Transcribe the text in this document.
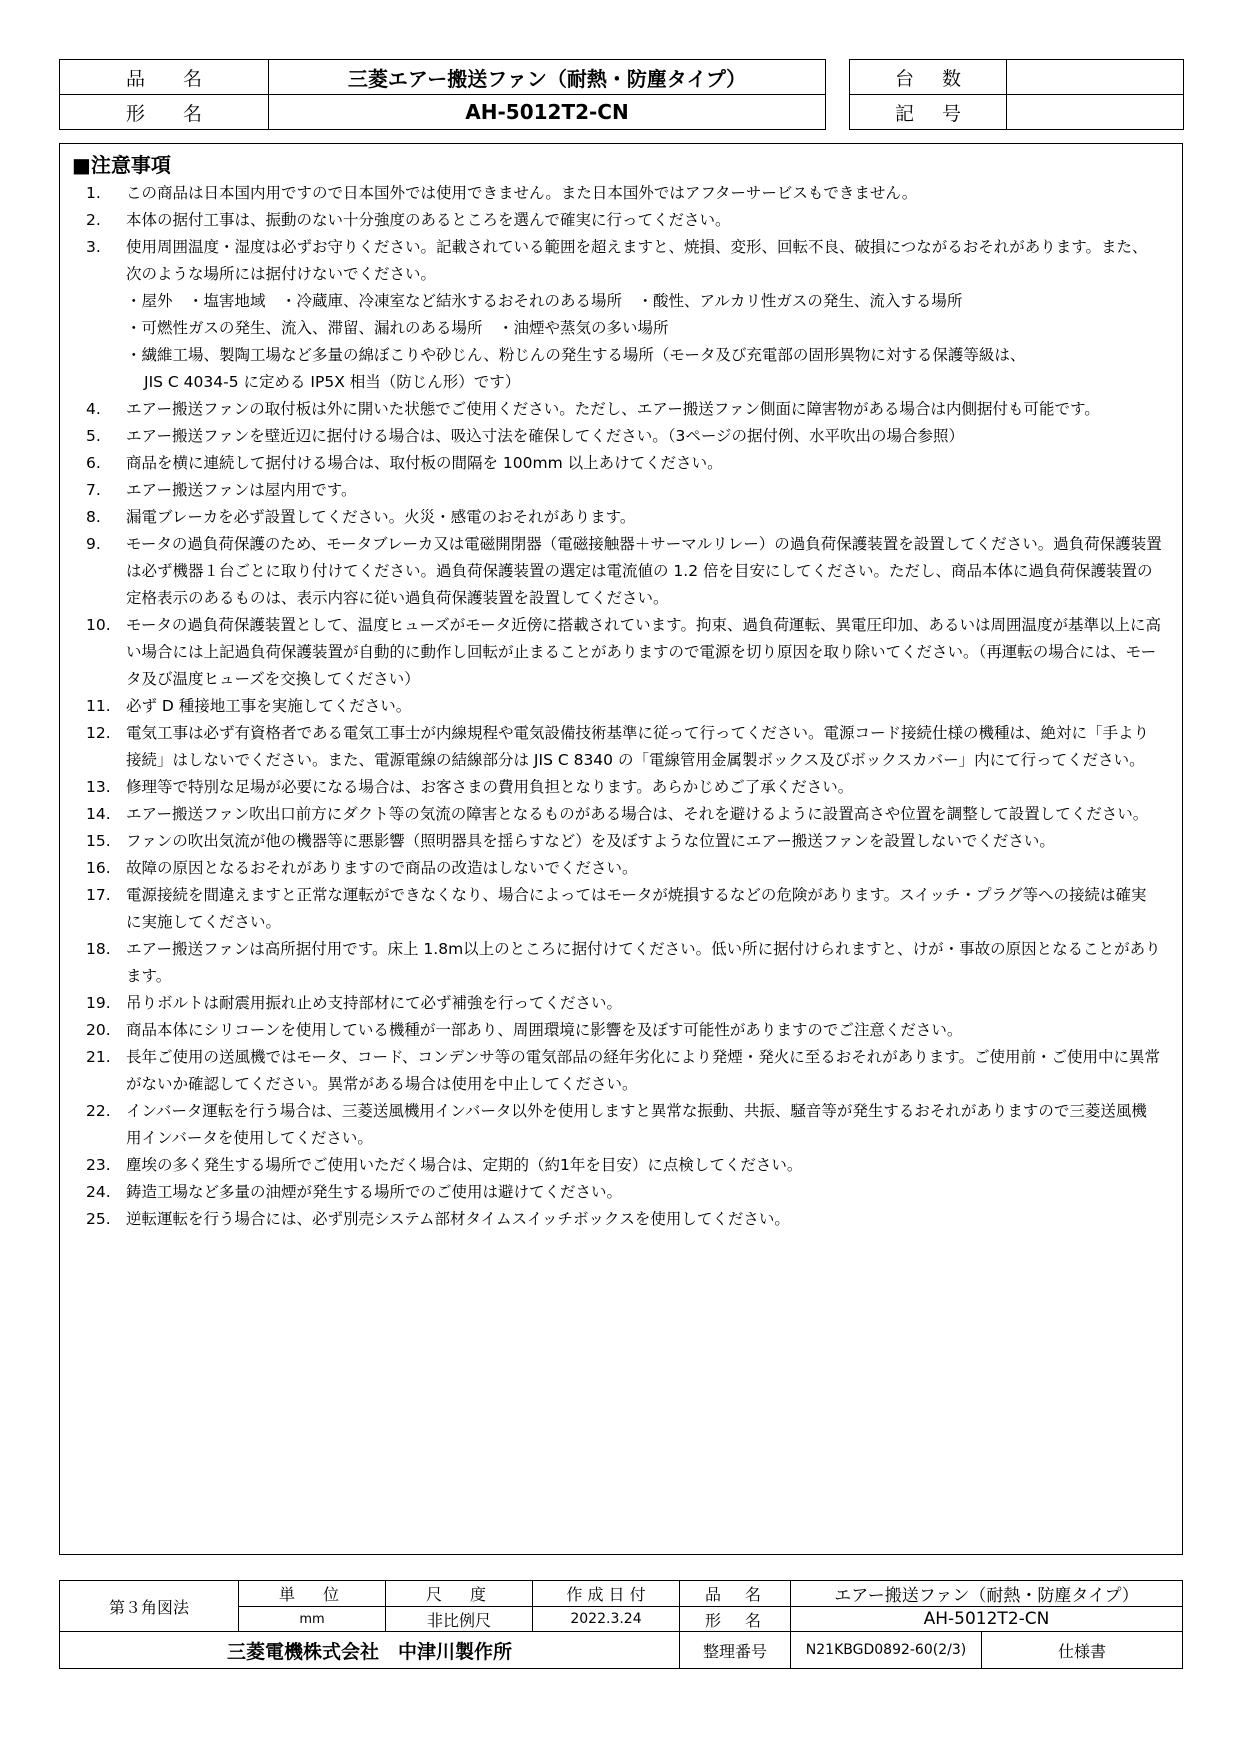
品名	三菱エアー搬送ファン（耐熱・防塵タイプ）
形名	AH-5012T2-CN
台数	
記号	
■注意事項
1.	この商品は日本国内用ですので日本国外では使用できません。また日本国外ではアフターサービスもできません。
2.	本体の据付工事は、振動のない十分強度のあるところを選んで確実に行ってください。
3.	使用周囲温度・湿度は必ずお守りください。記載されている範囲を超えますと、焼損、変形、回転不良、破損につながるおそれがあります。また、次のような場所には据付けないでください。
・屋外　・塩害地域　・冷蔵庫、冷凍室など結氷するおそれのある場所　・酸性、アルカリ性ガスの発生、流入する場所
・可燃性ガスの発生、流入、滞留、漏れのある場所　・油煙や蒸気の多い場所
・繊維工場、製陶工場など多量の綿ぼこりや砂じん、粉じんの発生する場所（モータ及び充電部の固形異物に対する保護等級は、
JIS C 4034-5 に定める IP5X 相当（防じん形）です）
4.	エアー搬送ファンの取付板は外に開いた状態でご使用ください。ただし、エアー搬送ファン側面に障害物がある場合は内側据付も可能です。
5.	エアー搬送ファンを壁近辺に据付ける場合は、吸込寸法を確保してください。（3ページの据付例、水平吹出の場合参照）
6.	商品を横に連続して据付ける場合は、取付板の間隔を 100mm 以上あけてください。
7.	エアー搬送ファンは屋内用です。
8.	漏電ブレーカを必ず設置してください。火災・感電のおそれがあります。
9.	モータの過負荷保護のため、モータブレーカ又は電磁開閉器（電磁接触器＋サーマルリレー）の過負荷保護装置を設置してください。過負荷保護装置は必ず機器１台ごとに取り付けてください。過負荷保護装置の選定は電流値の 1.2 倍を目安にしてください。ただし、商品本体に過負荷保護装置の定格表示のあるものは、表示内容に従い過負荷保護装置を設置してください。
10. モータの過負荷保護装置として、温度ヒューズがモータ近傍に搭載されています。拘束、過負荷運転、異電圧印加、あるいは周囲温度が基準以上に高い場合には上記過負荷保護装置が自動的に動作し回転が止まることがありますので電源を切り原因を取り除いてください。（再運転の場合には、モータ及び温度ヒューズを交換してください）
11. 必ず D 種接地工事を実施してください。
12. 電気工事は必ず有資格者である電気工事士が内線規程や電気設備技術基準に従って行ってください。電源コード接続仕様の機種は、絶対に「手より接続」はしないでください。また、電源電線の結線部分は JIS C 8340 の「電線管用金属製ボックス及びボックスカバー」内にて行ってください。
13. 修理等で特別な足場が必要になる場合は、お客さまの費用負担となります。あらかじめご了承ください。
14. エアー搬送ファン吹出口前方にダクト等の気流の障害となるものがある場合は、それを避けるように設置高さや位置を調整して設置してください。
15. ファンの吹出気流が他の機器等に悪影響（照明器具を揺らすなど）を及ぼすような位置にエアー搬送ファンを設置しないでください。
16. 故障の原因となるおそれがありますので商品の改造はしないでください。
17. 電源接続を間違えますと正常な運転ができなくなり、場合によってはモータが焼損するなどの危険があります。スイッチ・プラグ等への接続は確実に実施してください。
18. エアー搬送ファンは高所据付用です。床上 1.8m以上のところに据付けてください。低い所に据付けられますと、けが・事故の原因となることがあります。
19. 吊りボルトは耐震用振れ止め支持部材にて必ず補強を行ってください。
20. 商品本体にシリコーンを使用している機種が一部あり、周囲環境に影響を及ぼす可能性がありますのでご注意ください。
21. 長年ご使用の送風機ではモータ、コード、コンデンサ等の電気部品の経年劣化により発煙・発火に至るおそれがあります。ご使用前・ご使用中に異常がないか確認してください。異常がある場合は使用を中止してください。
22. インバータ運転を行う場合は、三菱送風機用インバータ以外を使用しますと異常な振動、共振、騒音等が発生するおそれがありますので三菱送風機用インバータを使用してください。
23. 塵埃の多く発生する場所でご使用いただく場合は、定期的（約1年を目安）に点検してください。
24. 鋳造工場など多量の油煙が発生する場所でのご使用は避けてください。
25. 逆転運転を行う場合には、必ず別売システム部材タイムスイッチボックスを使用してください。
第３角図法	単　位	尺　度	作 成 日 付	品　名	エアー搬送ファン（耐熱・防塵タイプ）	
	mm	非比例尺	2022.3.24	形　名	AH-5012T2-CN	
三菱電機株式会社　中津川製作所				整理番号	N21KBGD0892-60(2/3)	仕様書
